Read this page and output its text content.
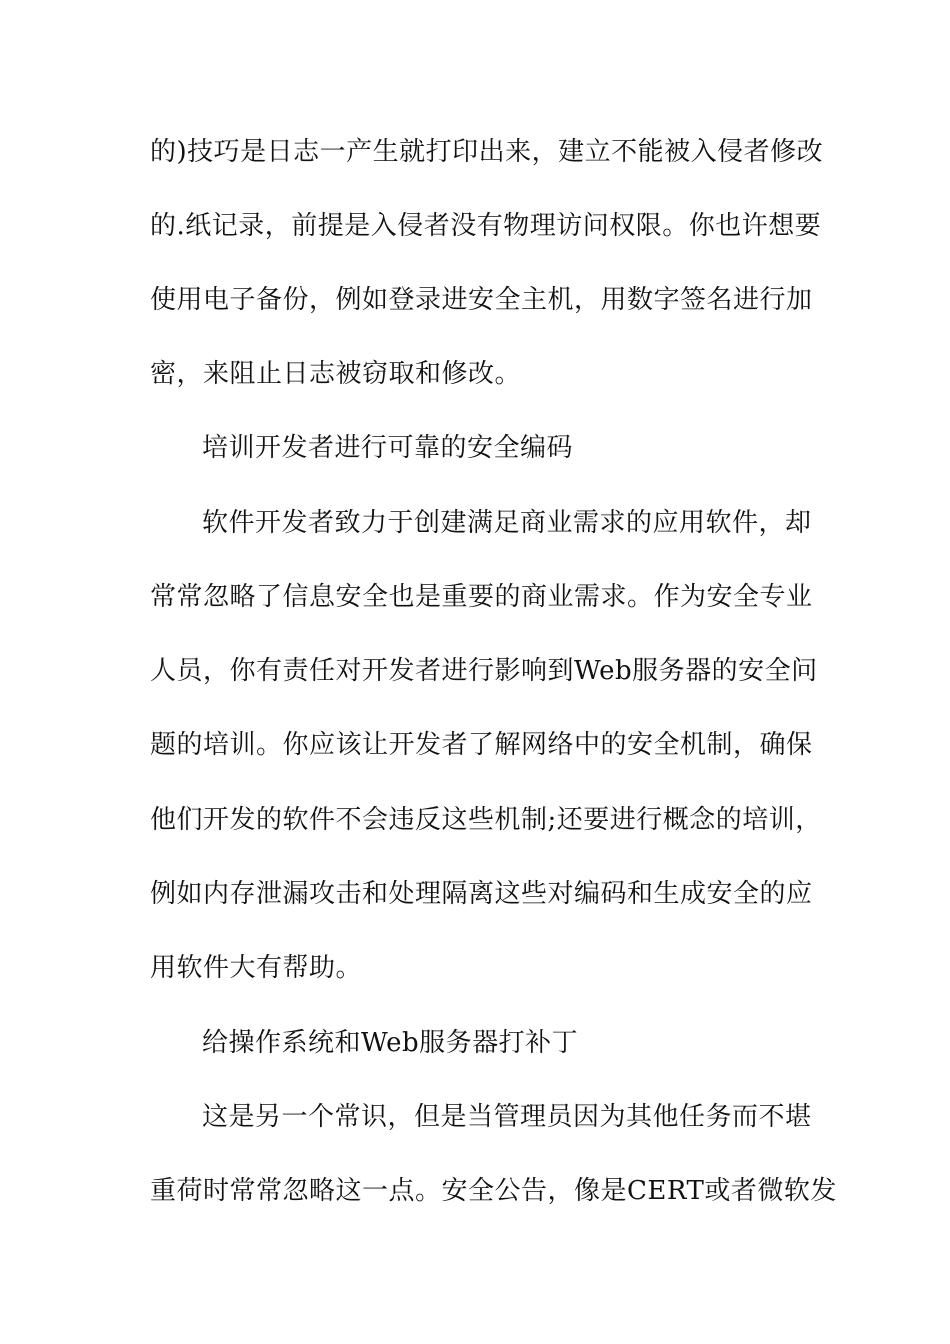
的)技巧是日志一产生就打印出来，建立不能被入侵者修改
的.纸记录，前提是入侵者没有物理访问权限。你也许想要
使用电子备份，例如登录进安全主机，用数字签名进行加
密，来阻止日志被窃取和修改。
培训开发者进行可靠的安全编码
软件开发者致力于创建满足商业需求的应用软件，却
常常忽略了信息安全也是重要的商业需求。作为安全专业
人员，你有责任对开发者进行影响到Web服务器的安全问
题的培训。你应该让开发者了解网络中的安全机制，确保
他们开发的软件不会违反这些机制;还要进行概念的培训，
例如内存泄漏攻击和处理隔离这些对编码和生成安全的应
用软件大有帮助。
给操作系统和Web服务器打补丁
这是另一个常识，但是当管理员因为其他任务而不堪
重荷时常常忽略这一点。安全公告，像是CERT或者微软发
